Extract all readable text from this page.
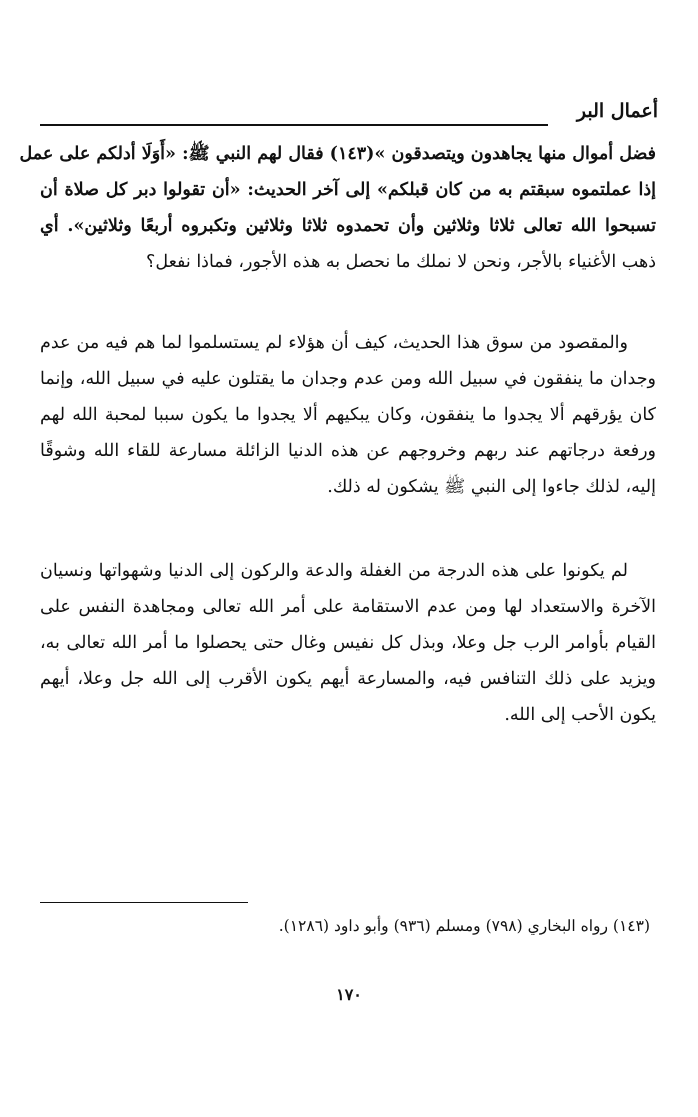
أعمال البر
فضل أموال منها يجاهدون ويتصدقون »(١٤٣) فقال لهم النبي ﷺ: «أَوَلَا أدلكم على عمل
إذا عملتموه سبقتم به من كان قبلكم» إلى آخر الحديث: «أن تقولوا دبر كل صلاة أن
تسبحوا الله تعالى ثلاثا وثلاثين وأن تحمدوه ثلاثا وثلاثين وتكبروه أربعًا وثلاثين». أي
ذهب الأغنياء بالأجر، ونحن لا نملك ما نحصل به هذه الأجور، فماذا نفعل؟
والمقصود من سوق هذا الحديث، كيف أن هؤلاء لم يستسلموا لما هم فيه من عدم
وجدان ما ينفقون في سبيل الله ومن عدم وجدان ما يقتلون عليه في سبيل الله، وإنما
كان يؤرقهم ألا يجدوا ما ينفقون، وكان يبكيهم ألا يجدوا ما يكون سببا لمحبة الله لهم
ورفعة درجاتهم عند ربهم وخروجهم عن هذه الدنيا الزائلة مسارعة للقاء الله وشوقًا
إليه، لذلك جاءوا إلى النبي ﷺ يشكون له ذلك.
لم يكونوا على هذه الدرجة من الغفلة والدعة والركون إلى الدنيا وشهواتها ونسيان
الآخرة والاستعداد لها ومن عدم الاستقامة على أمر الله تعالى ومجاهدة النفس على
القيام بأوامر الرب جل وعلا، وبذل كل نفيس وغال حتى يحصلوا ما أمر الله تعالى به،
ويزيد على ذلك التنافس فيه، والمسارعة أيهم يكون الأقرب إلى الله جل وعلا، أيهم
يكون الأحب إلى الله.
(١٤٣) رواه البخاري (٧٩٨) ومسلم (٩٣٦) وأبو داود (١٢٨٦).
١٧٠
